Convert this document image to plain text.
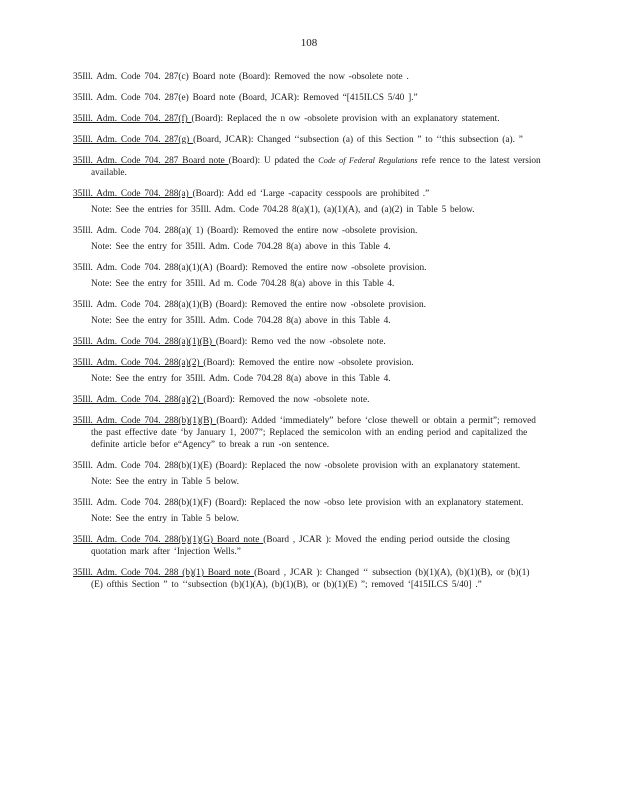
108
35Ill. Adm. Code 704. 287(c) Board note (Board): Removed the now -obsolete note .
35Ill. Adm. Code 704. 287(e) Board note (Board, JCAR): Removed “[415ILCS 5/40 ].”
35Ill. Adm. Code 704. 287(f) (Board): Replaced the n ow -obsolete provision with an explanatory statement.
35Ill. Adm. Code 704. 287(g) (Board, JCAR): Changed ‘‘subsection (a) of this Section ” to ‘‘this subsection (a). ”
35Ill. Adm. Code 704. 287 Board note (Board): U pdated the Code of Federal Regulations refe rence to the latest version available.
35Ill. Adm. Code 704. 288(a) (Board): Add ed ‘Large -capacity cesspools are prohibited .”
Note: See the entries for 35Ill. Adm. Code 704.28 8(a)(1), (a)(1)(A), and (a)(2) in Table 5 below.
35Ill. Adm. Code 704. 288(a)( 1) (Board): Removed the entire now -obsolete provision.
Note: See the entry for 35Ill. Adm. Code 704.28 8(a) above in this Table 4.
35Ill. Adm. Code 704. 288(a)(1)(A) (Board): Removed the entire now -obsolete provision.
Note: See the entry for 35Ill. Ad m. Code 704.28 8(a) above in this Table 4.
35Ill. Adm. Code 704. 288(a)(1)(B) (Board): Removed the entire now -obsolete provision.
Note: See the entry for 35Ill. Adm. Code 704.28 8(a) above in this Table 4.
35Ill. Adm. Code 704. 288(a)(1)(B) (Board): Remo ved the now -obsolete note.
35Ill. Adm. Code 704. 288(a)(2) (Board): Removed the entire now -obsolete provision.
Note: See the entry for 35Ill. Adm. Code 704.28 8(a) above in this Table 4.
35Ill. Adm. Code 704. 288(a)(2) (Board): Removed the now -obsolete note.
35Ill. Adm. Code 704. 288(b)(1)(B) (Board): Added ‘immediately” before ‘close thewell or obtain a permit”; removed the past effective date ‘by January 1, 2007”; Replaced the semicolon with an ending period and capitalized the definite article befor e“Agency” to break a run -on sentence.
35Ill. Adm. Code 704. 288(b)(1)(E) (Board): Replaced the now -obsolete provision with an explanatory statement.
Note: See the entry in Table 5 below.
35Ill. Adm. Code 704. 288(b)(1)(F) (Board): Replaced the now -obso lete provision with an explanatory statement.
Note: See the entry in Table 5 below.
35Ill. Adm. Code 704. 288(b)(1)(G) Board note (Board , JCAR ): Moved the ending period outside the closing quotation mark after ‘Injection Wells.”
35Ill. Adm. Code 704. 288 (b)(1) Board note (Board , JCAR ): Changed ‘‘ subsection (b)(1)(A), (b)(1)(B), or (b)(1)(E) ofthis Section ” to ‘‘subsection (b)(1)(A), (b)(1)(B), or (b)(1)(E) ”; removed ‘[415ILCS 5/40] .”
